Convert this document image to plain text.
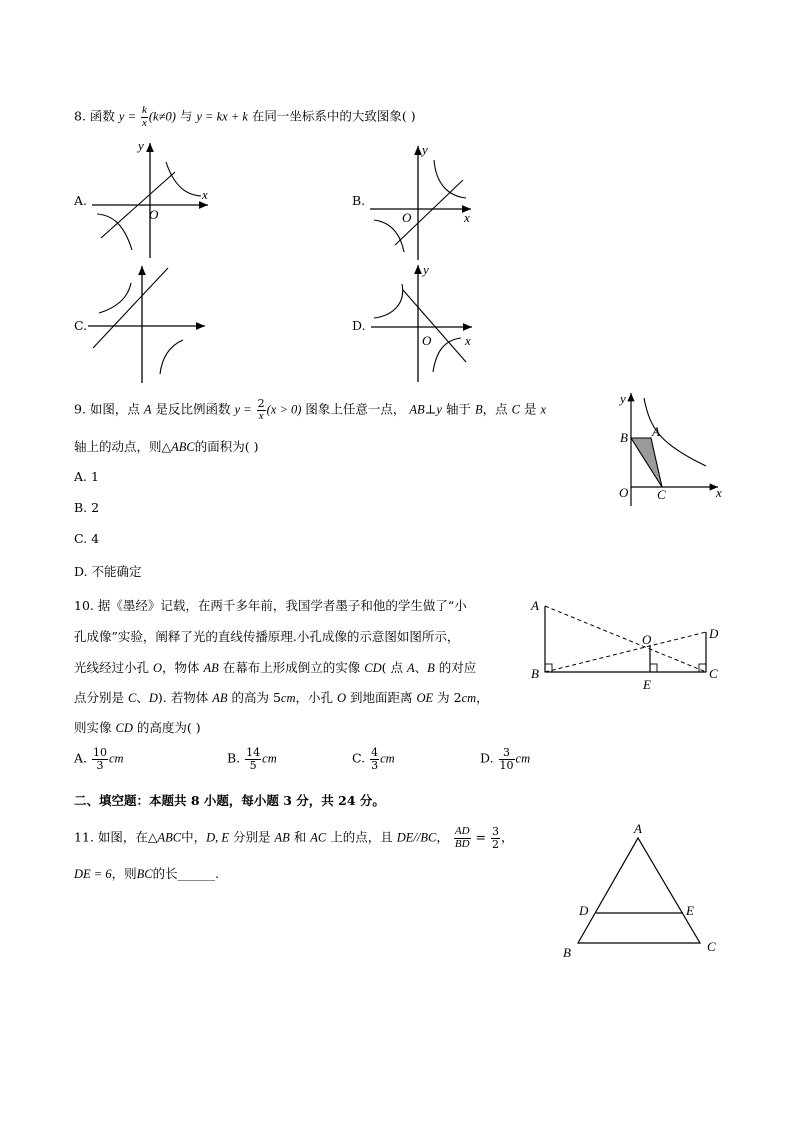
8. 函数 $y = \frac{k}{x} (k\ne 0)$ 与 y = kx + k 在同一坐标系中的大致图象( )
A.	B.
C.	D.
y
x
O
y
x
O
y
x
O
9. 如图，点 A 是反比例函数 $y = \frac{2}{x} (x > 0)$ 图象上任意一点， AB⊥y 轴于 B，点 C 是 x
轴上的动点，则△ABC的面积为( )
A. 1
B. 2
C. 4
D. 不能确定
y
x
O
A
B
C
10. 据《墨经》记载，在两千多年前，我国学者墨子和他的学生做了“小
孔成像”实验，阐释了光的直线传播原理.小孔成像的示意图如图所示，
光线经过小孔 O，物体 AB 在幕布上形成倒立的实像 CD( 点 A、B 的对应
点分别是 C、D). 若物体 AB 的高为 5cm，小孔 O 到地面距离 OE 为 2cm，
则实像 CD 的高度为( )
A. $\frac{10}{3}$ cm	B. $\frac{14}{5}$ cm	C. $\frac{4}{3}$ cm	D. $\frac{3}{10}$ cm
A
B
O	D
C
E
二、填空题：本题共 8 小题，每小题 3 分，共 24 分。
11. 如图，在△ABC中，D, E 分别是 AB 和 AC 上的点，且 DE//BC， $\frac{AD}{BD} = \frac{3}{2}$ ，
DE = 6，则BC的长______.
A
B	C
D	E
